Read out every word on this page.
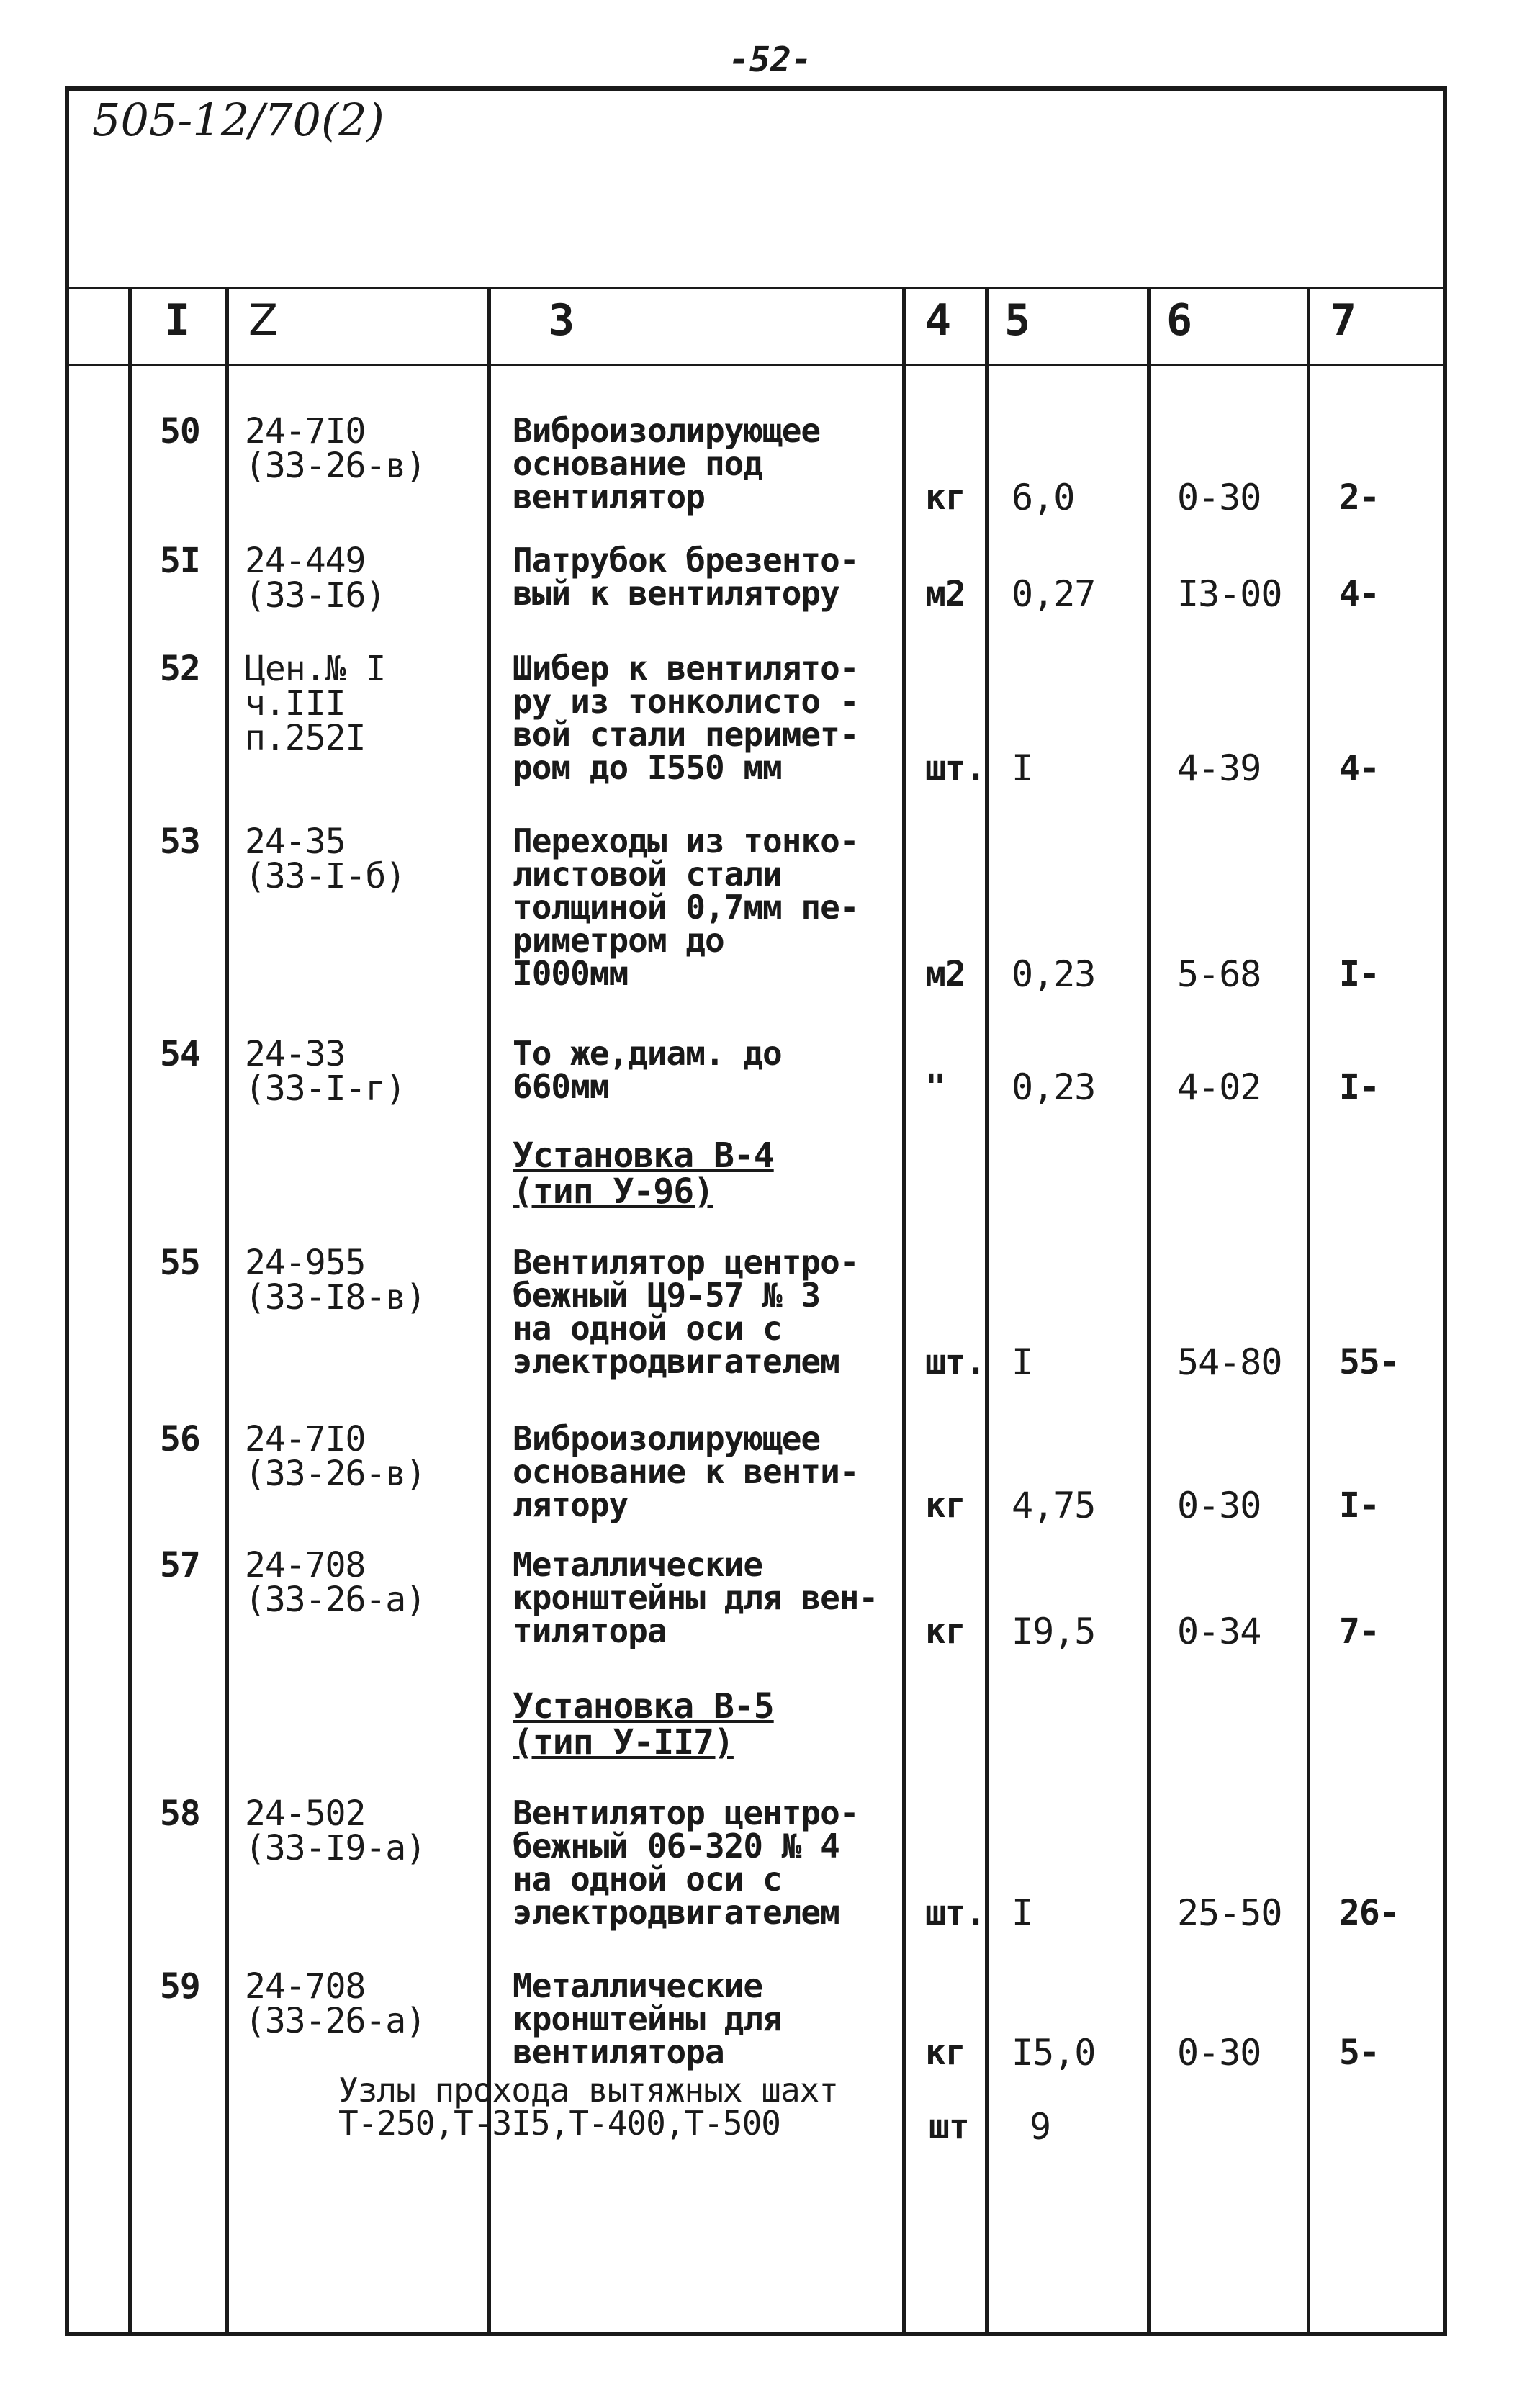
-52-
505-12/70(2)
I Z	3	4 5	6	7
50 24-7I0
(33-26-в)
Виброизолирующее
основание под
вентилятор	кг 6,0	0-30 2-
5I 24-449
(33-I6)
Патрубок брезенто-
вый к вентилятору	м2 0,27 I3-00 4-
52 Цен.№ I
ч.III
п.252I
Шибер к вентилято-
ру из тонколисто -
вой стали перимет-
ром до I550 мм	шт. I	4-39 4-
53 24-35
(33-I-б)
Переходы из тонко-
листовой стали
толщиной 0,7мм пе-
риметром до
I000мм	м2 0,23 5-68 I-
54 24-33
(33-I-г)
То же,диам. до
660мм	" 0,23 4-02 I-
Установка В-4
(тип У-96)
55 24-955
(33-I8-в)
Вентилятор центро-
бежный Ц9-57 № 3
на одной оси с
электродвигателем	шт. I	54-80 55-
56 24-7I0
(33-26-в)
Виброизолирующее
основание к венти-
лятору	кг 4,75 0-30 I-
57 24-708
(33-26-а)
Металлические
кронштейны для вен-
тилятора	кг I9,5 0-34 7-
Установка В-5
(тип У-II7)
58 24-502
(33-I9-а)
Вентилятор центро-
бежный 06-320 № 4
на одной оси с
электродвигателем	шт. I	25-50 26-
59 24-708
(33-26-а)
Металлические
кронштейны для
вентилятора	кг I5,0 0-30 5-
Узлы прохода вытяжных шахт
Т-250,Т-3I5,Т-400,Т-500	шт 9
